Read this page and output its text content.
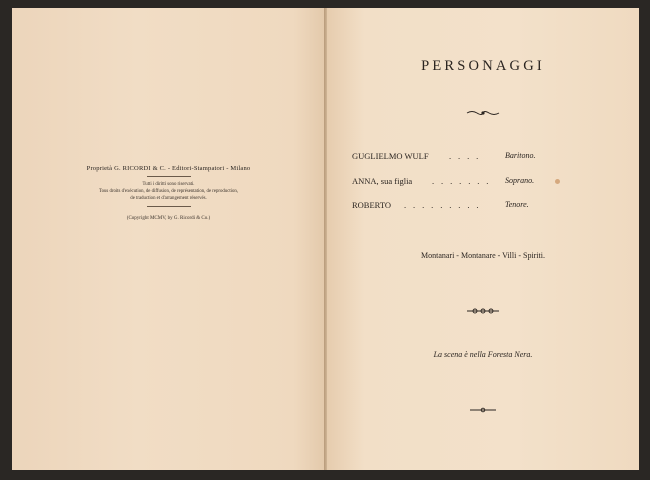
Proprietà G. RICORDI & C. - Editori-Stampatori - Milano
Tutti i diritti sono riservati.
Tous droits d'exécution, de diffusion, de représentation, de reproduction,
de traduction et d'arrangement réservés.
(Copyright MCMV, by G. Ricordi & Co.)
PERSONAGGI
GUGLIELMO WULF . . . .	Baritono.
ANNA, sua figlia . . . . . . . Soprano.
ROBERTO . . . . . . . . .	Tenore.
Montanari - Montanare - Villi - Spiriti.
La scena è nella Foresta Nera.
